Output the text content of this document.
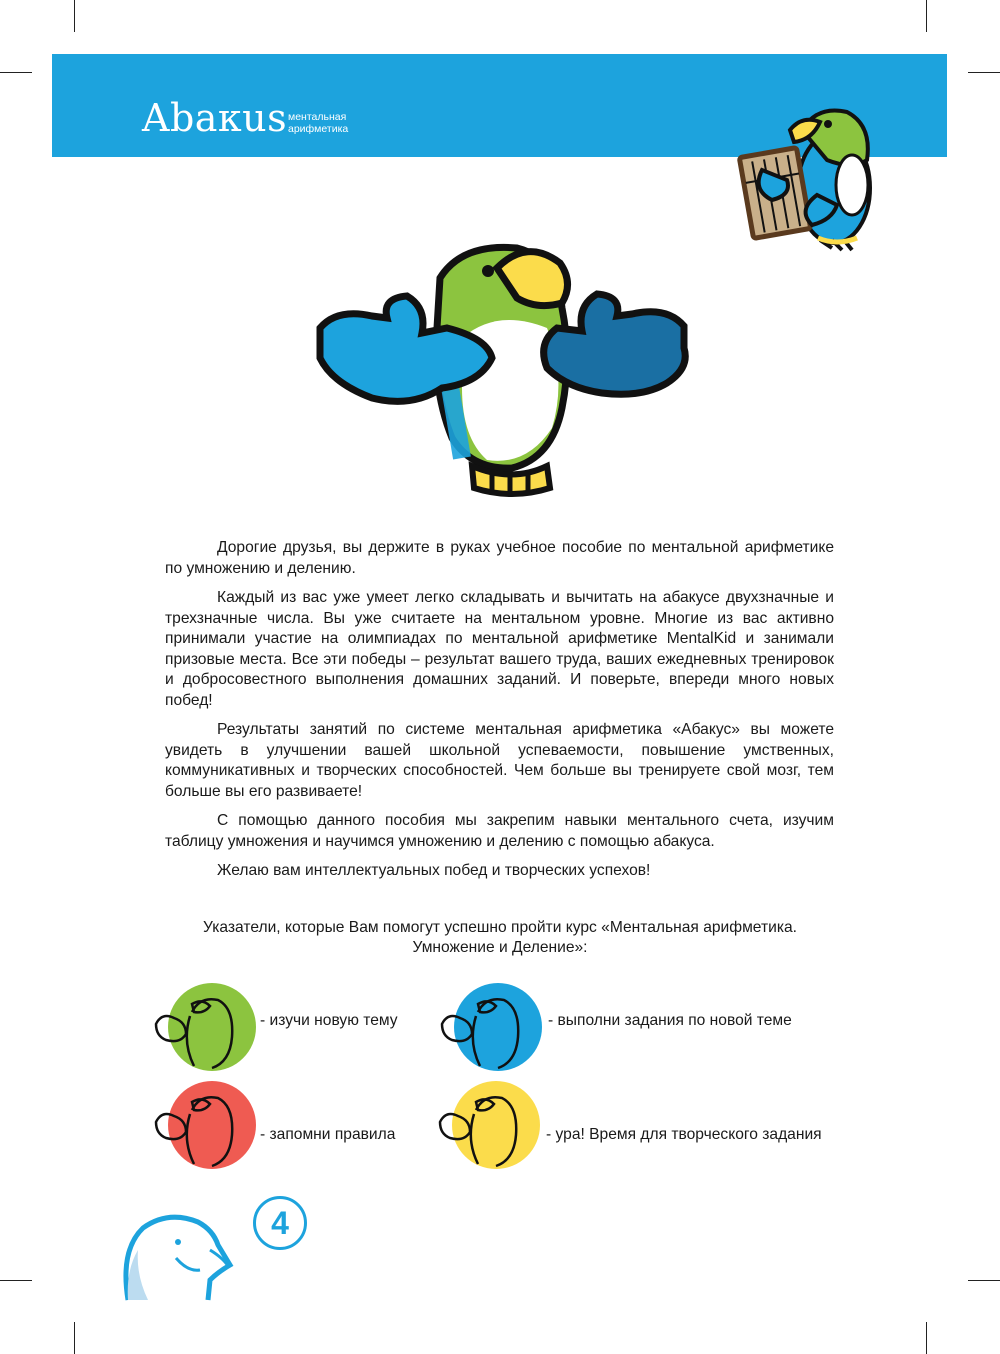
Abaкus ментальная
арифметика

Дорогие друзья, вы держите в руках учебное пособие по ментальной арифметике по умножению и делению.

Каждый из вас уже умеет легко складывать и вычитать на абакусе двухзначные и трехзначные числа. Вы уже считаете на ментальном уровне. Многие из вас активно принимали участие на олимпиадах по ментальной арифметике MentalKid и занимали призовые места. Все эти победы – результат вашего труда, ваших ежедневных тренировок и добросовестного выполнения домашних заданий. И поверьте, впереди много новых побед!

Результаты занятий по системе ментальная арифметика «Абакус» вы можете увидеть в улучшении вашей школьной успеваемости, повышение умственных, коммуникативных и творческих способностей. Чем больше вы тренируете свой мозг, тем больше вы его развиваете!

С помощью данного пособия мы закрепим навыки ментального счета, изучим таблицу умножения и научимся умножению и делению с помощью абакуса.

Желаю вам интеллектуальных побед и творческих успехов!

Указатели, которые Вам помогут успешно пройти курс «Ментальная арифметика.
Умножение и Деление»:
- изучи новую тему	- выполни задания по новой теме
- запомни правила	- ура! Время для творческого задания
4
